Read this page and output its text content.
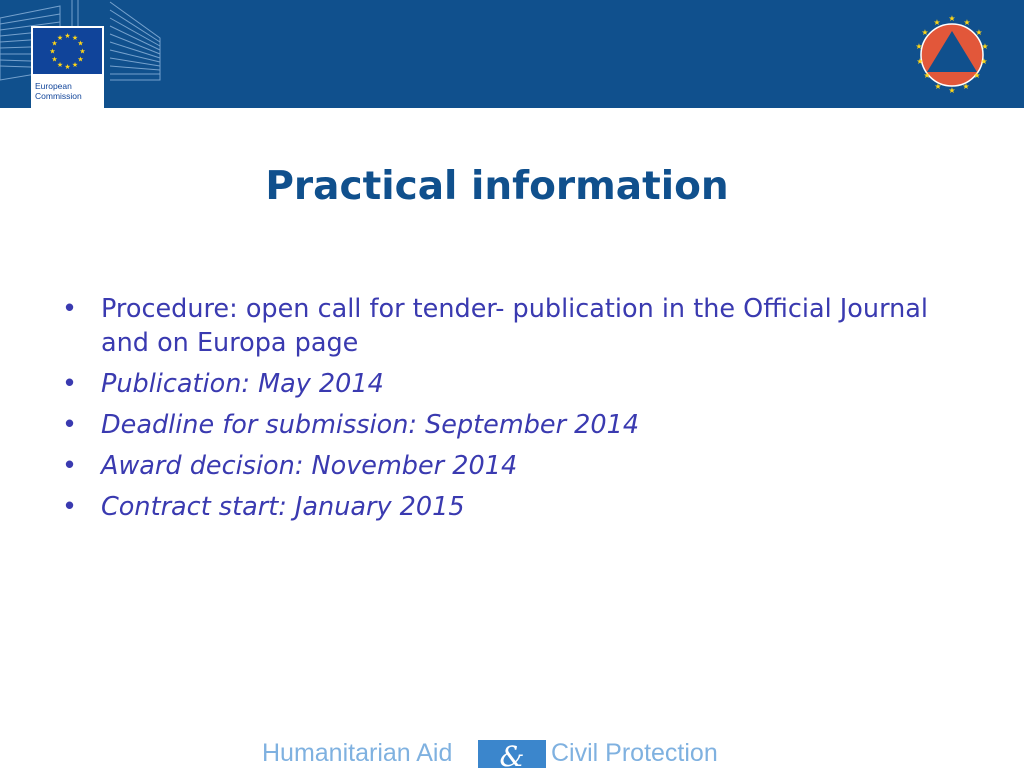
★ ★
★
★
★
★
★
★
★
★
★
★
European
Commission
★ ★
★
★
★
★
★
★
★
★
★
★
★
★
Practical information
• Procedure: open call for tender- publication in the Official Journal and on Europa page
• Publication: May 2014
• Deadline for submission: September 2014
• Award decision: November 2014
• Contract start: January 2015
Humanitarian Aid	&	Civil Protection
